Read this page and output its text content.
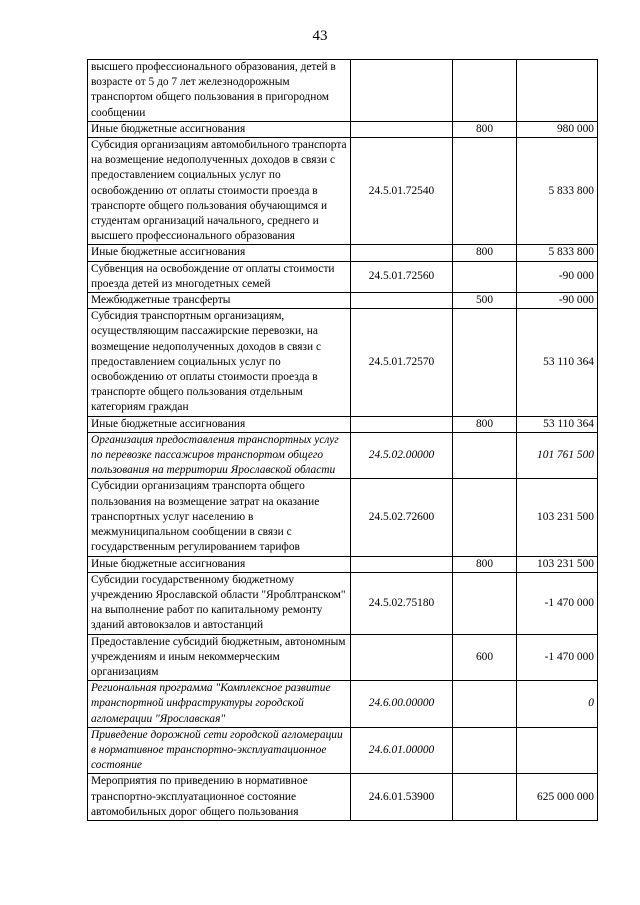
43
высшего профессионального образования, детей в возрасте от 5 до 7 лет железнодорожным транспортом общего пользования в пригородном сообщении			
Иные бюджетные ассигнования		800	980 000
Субсидия организациям автомобильного транспорта на возмещение недополученных доходов в связи с предоставлением социальных услуг по освобождению от оплаты стоимости проезда в транспорте общего пользования обучающимся и студентам организаций начального, среднего и высшего профессионального образования	24.5.01.72540		5 833 800
Иные бюджетные ассигнования		800	5 833 800
Субвенция на освобождение от оплаты стоимости проезда детей из многодетных семей	24.5.01.72560		-90 000
Межбюджетные трансферты		500	-90 000
Субсидия транспортным организациям, осуществляющим пассажирские перевозки, на возмещение недополученных доходов в связи с предоставлением социальных услуг по освобождению от оплаты стоимости проезда в транспорте общего пользования отдельным категориям граждан	24.5.01.72570		53 110 364
Иные бюджетные ассигнования		800	53 110 364
Организация предоставления транспортных услуг по перевозке пассажиров транспортом общего пользования на территории Ярославской области	24.5.02.00000		101 761 500
Субсидии организациям транспорта общего пользования на возмещение затрат на оказание транспортных услуг населению в межмуниципальном сообщении в связи с государственным регулированием тарифов	24.5.02.72600		103 231 500
Иные бюджетные ассигнования		800	103 231 500
Субсидии государственному бюджетному учреждению Ярославской области "Яроблтранском" на выполнение работ по капитальному ремонту зданий автовокзалов и автостанций	24.5.02.75180		-1 470 000
Предоставление субсидий бюджетным, автономным учреждениям и иным некоммерческим организациям		600	-1 470 000
Региональная программа "Комплексное развитие транспортной инфраструктуры городской агломерации "Ярославская"	24.6.00.00000		0
Приведение дорожной сети городской агломерации в нормативное транспортно-эксплуатационное состояние	24.6.01.00000		
Мероприятия по приведению в нормативное транспортно-эксплуатационное состояние автомобильных дорог общего пользования	24.6.01.53900		625 000 000
